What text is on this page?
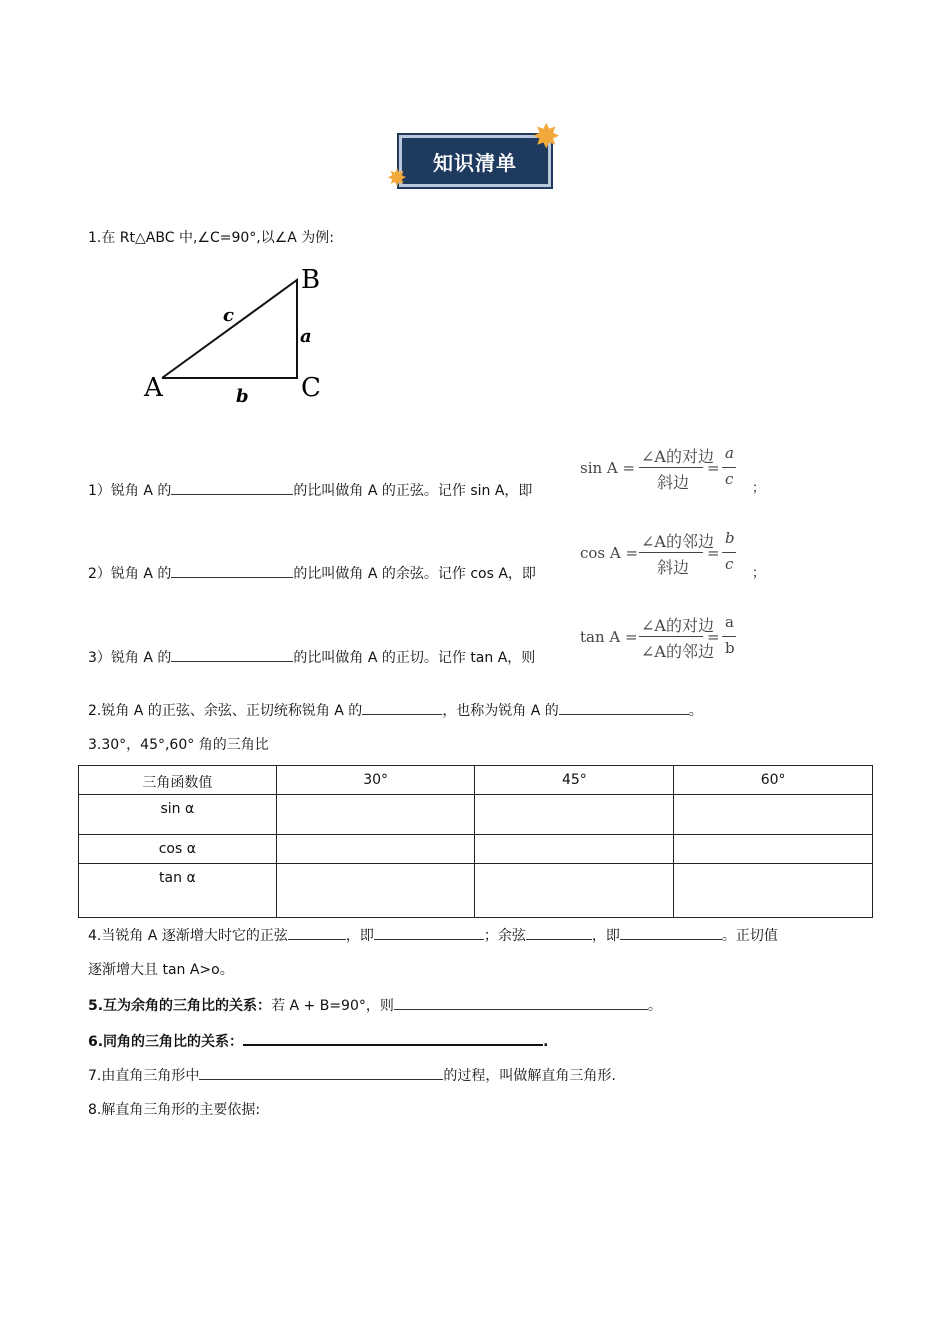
知识清单
✸
✸
1.在 Rt△ABC 中,∠C=90°,以∠A 为例:
A
B
C
c
a
b
1）锐角 A 的	的比叫做角 A 的正弦。记作 sin A，即
sin A =
∠A的对边
斜边
=
a
c
；
2）锐角 A 的	的比叫做角 A 的余弦。记作 cos A，即
cos A =
∠A的邻边
斜边
=
b
c
；
3）锐角 A 的	的比叫做角 A 的正切。记作 tan A，则
tan A =
∠A的对边
∠A的邻边
=
a
b
2.锐角 A 的正弦、余弦、正切统称锐角 A 的	，也称为锐角 A 的	。
3.30°，45°,60° 角的三角比
三角函数值	30°	45°	60°
sin α			
cos α			
tan α			
4.当锐角 A 逐渐增大时它的正弦	，即	；余弦	，即	。正切值
逐渐增大且 tan A>o。
5.互为余角的三角比的关系：若 A + B=90°，则	。
6.同角的三角比的关系：	.
7.由直角三角形中	的过程，叫做解直角三角形.
8.解直角三角形的主要依据:
